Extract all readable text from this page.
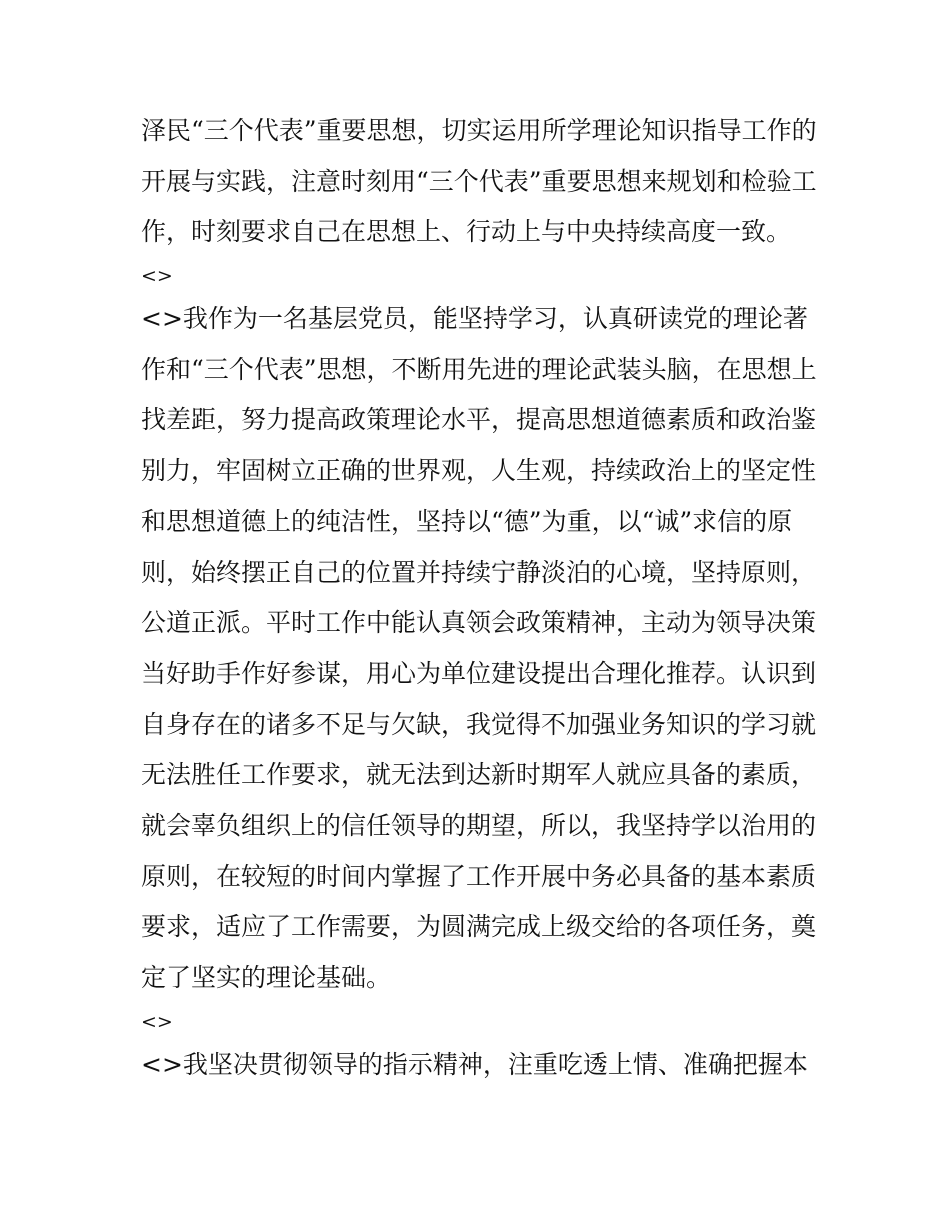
泽民“三个代表”重要思想，切实运用所学理论知识指导工作的
开展与实践，注意时刻用“三个代表”重要思想来规划和检验工
作，时刻要求自己在思想上、行动上与中央持续高度一致。
<>
<>我作为一名基层党员，能坚持学习，认真研读党的理论著
作和“三个代表”思想，不断用先进的理论武装头脑，在思想上
找差距，努力提高政策理论水平，提高思想道德素质和政治鉴
别力，牢固树立正确的世界观，人生观，持续政治上的坚定性
和思想道德上的纯洁性，坚持以“德”为重，以“诚”求信的原
则，始终摆正自己的位置并持续宁静淡泊的心境，坚持原则，
公道正派。平时工作中能认真领会政策精神，主动为领导决策
当好助手作好参谋，用心为单位建设提出合理化推荐。认识到
自身存在的诸多不足与欠缺，我觉得不加强业务知识的学习就
无法胜任工作要求，就无法到达新时期军人就应具备的素质，
就会辜负组织上的信任领导的期望，所以，我坚持学以治用的
原则，在较短的时间内掌握了工作开展中务必具备的基本素质
要求，适应了工作需要，为圆满完成上级交给的各项任务，奠
定了坚实的理论基础。
<>
<>我坚决贯彻领导的指示精神，注重吃透上情、准确把握本
